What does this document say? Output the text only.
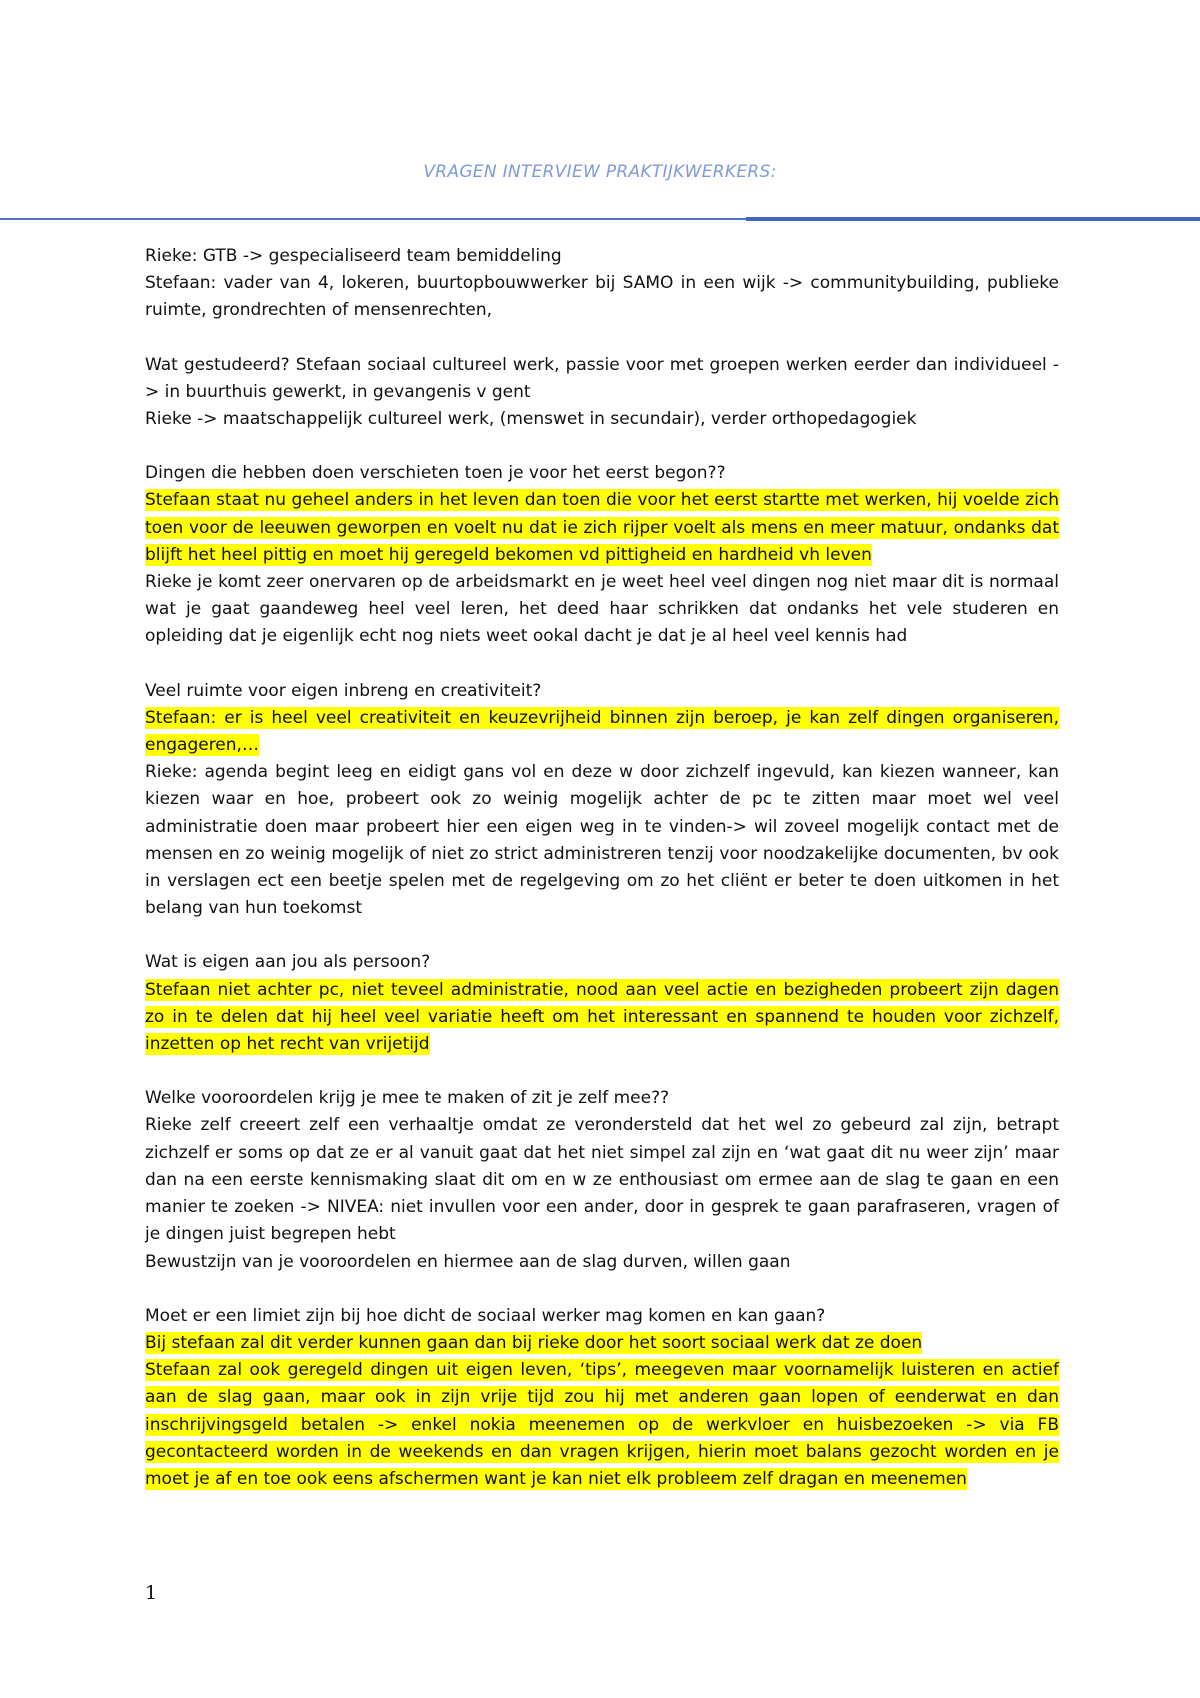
VRAGEN INTERVIEW PRAKTIJKWERKERS:

Rieke: GTB -> gespecialiseerd team bemiddeling

Stefaan: vader van 4, lokeren, buurtopbouwwerker bij SAMO in een wijk -> communitybuilding, publieke ruimte, grondrechten of mensenrechten,

Wat gestudeerd? Stefaan sociaal cultureel werk, passie voor met groepen werken eerder dan individueel -> in buurthuis gewerkt, in gevangenis v gent

Rieke -> maatschappelijk cultureel werk, (menswet in secundair), verder orthopedagogiek

Dingen die hebben doen verschieten toen je voor het eerst begon??

Stefaan staat nu geheel anders in het leven dan toen die voor het eerst startte met werken, hij voelde zich toen voor de leeuwen geworpen en voelt nu dat ie zich rijper voelt als mens en meer matuur, ondanks dat blijft het heel pittig en moet hij geregeld bekomen vd pittigheid en hardheid vh leven

Rieke je komt zeer onervaren op de arbeidsmarkt en je weet heel veel dingen nog niet maar dit is normaal wat je gaat gaandeweg heel veel leren, het deed haar schrikken dat ondanks het vele studeren en opleiding dat je eigenlijk echt nog niets weet ookal dacht je dat je al heel veel kennis had

Veel ruimte voor eigen inbreng en creativiteit?

Stefaan: er is heel veel creativiteit en keuzevrijheid binnen zijn beroep, je kan zelf dingen organiseren, engageren,…

Rieke: agenda begint leeg en eidigt gans vol en deze w door zichzelf ingevuld, kan kiezen wanneer, kan kiezen waar en hoe, probeert ook zo weinig mogelijk achter de pc te zitten maar moet wel veel administratie doen maar probeert hier een eigen weg in te vinden-> wil zoveel mogelijk contact met de mensen en zo weinig mogelijk of niet zo strict administreren tenzij voor noodzakelijke documenten, bv ook in verslagen ect een beetje spelen met de regelgeving om zo het cliënt er beter te doen uitkomen in het belang van hun toekomst

Wat is eigen aan jou als persoon?

Stefaan niet achter pc, niet teveel administratie, nood aan veel actie en bezigheden probeert zijn dagen zo in te delen dat hij heel veel variatie heeft om het interessant en spannend te houden voor zichzelf, inzetten op het recht van vrijetijd

Welke vooroordelen krijg je mee te maken of zit je zelf mee??

Rieke zelf creeert zelf een verhaaltje omdat ze verondersteld dat het wel zo gebeurd zal zijn, betrapt zichzelf er soms op dat ze er al vanuit gaat dat het niet simpel zal zijn en ‘wat gaat dit nu weer zijn’ maar dan na een eerste kennismaking slaat dit om en w ze enthousiast om ermee aan de slag te gaan en een manier te zoeken -> NIVEA: niet invullen voor een ander, door in gesprek te gaan parafraseren, vragen of je dingen juist begrepen hebt

Bewustzijn van je vooroordelen en hiermee aan de slag durven, willen gaan

Moet er een limiet zijn bij hoe dicht de sociaal werker mag komen en kan gaan?

Bij stefaan zal dit verder kunnen gaan dan bij rieke door het soort sociaal werk dat ze doen

Stefaan zal ook geregeld dingen uit eigen leven, ‘tips’, meegeven maar voornamelijk luisteren en actief aan de slag gaan, maar ook in zijn vrije tijd zou hij met anderen gaan lopen of eenderwat en dan inschrijvingsgeld betalen -> enkel nokia meenemen op de werkvloer en huisbezoeken -> via FB gecontacteerd worden in de weekends en dan vragen krijgen, hierin moet balans gezocht worden en je moet je af en toe ook eens afschermen want je kan niet elk probleem zelf dragan en meenemen

1
